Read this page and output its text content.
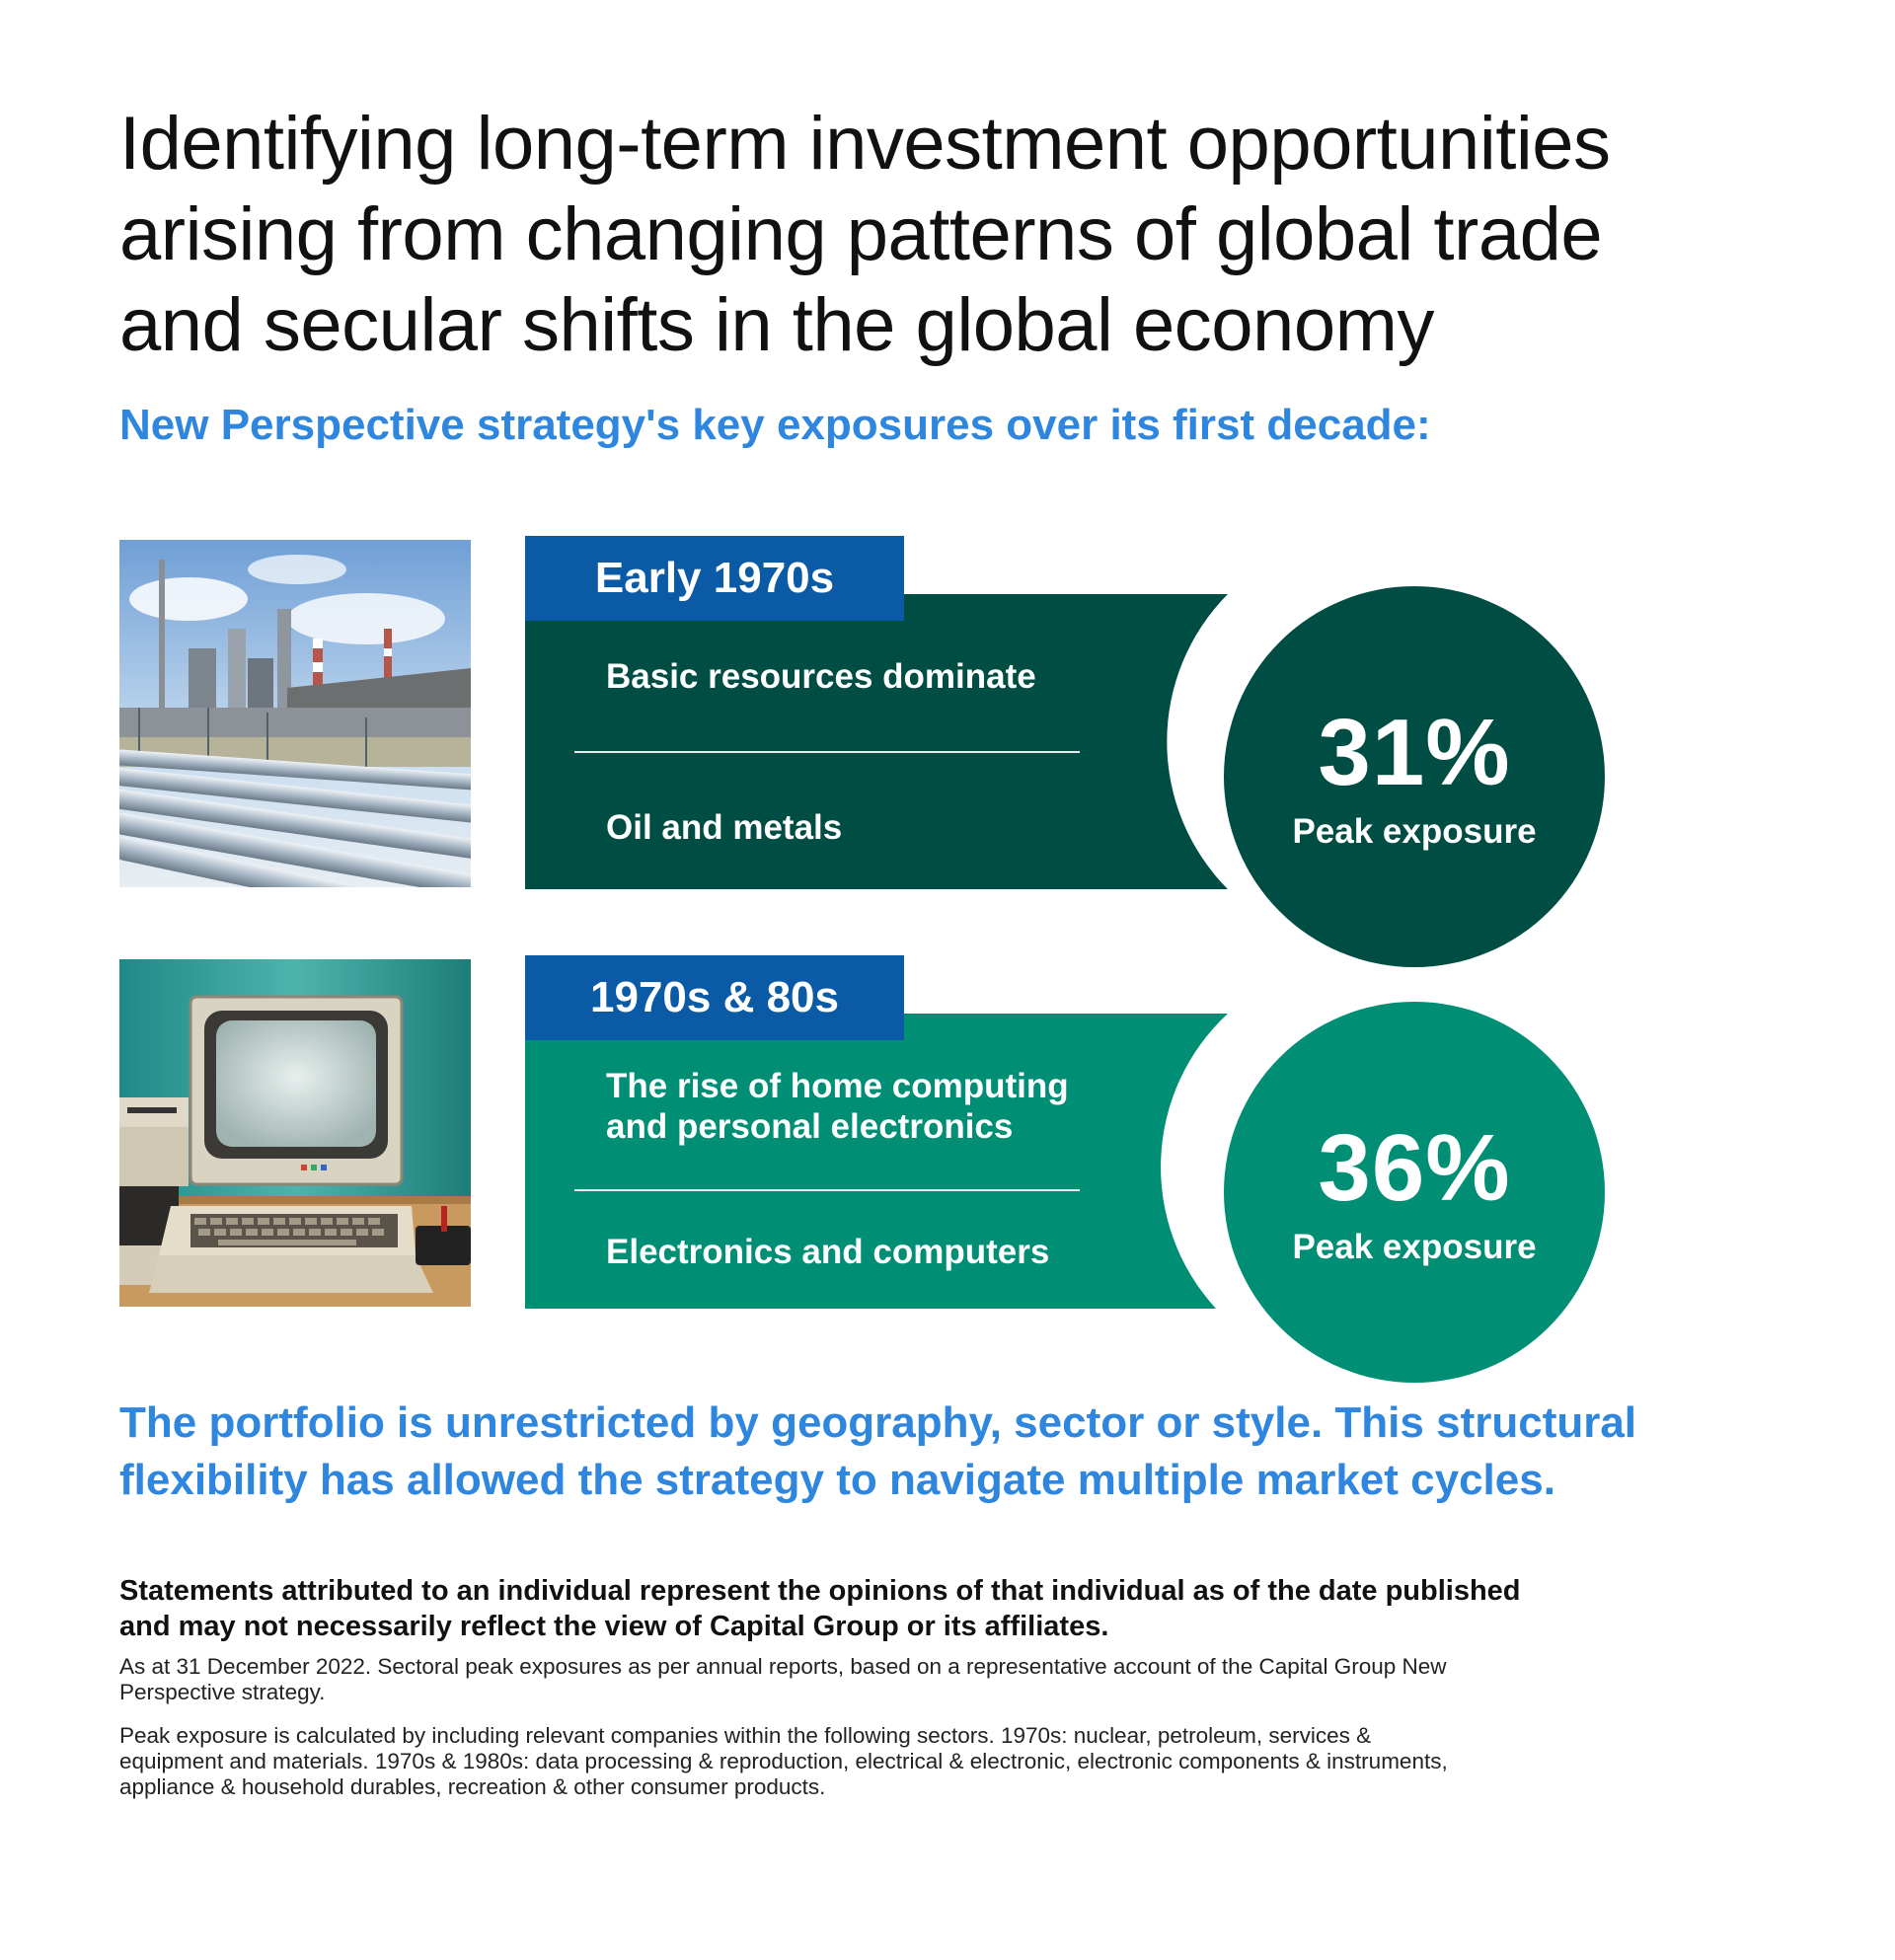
Identifying long-term investment opportunities
arising from changing patterns of global trade
and secular shifts in the global economy
New Perspective strategy's key exposures over its first decade:
Early 1970s
Basic resources dominate
Oil and metals
31%
Peak exposure
1970s & 80s
The rise of home computing
and personal electronics
Electronics and computers
36%
Peak exposure

The portfolio is unrestricted by geography, sector or style. This structural
flexibility has allowed the strategy to navigate multiple market cycles.

Statements attributed to an individual represent the opinions of that individual as of the date published
and may not necessarily reflect the view of Capital Group or its affiliates.

As at 31 December 2022. Sectoral peak exposures as per annual reports, based on a representative account of the Capital Group New
Perspective strategy.

Peak exposure is calculated by including relevant companies within the following sectors. 1970s: nuclear, petroleum, services &
equipment and materials. 1970s & 1980s: data processing & reproduction, electrical & electronic, electronic components & instruments,
appliance & household durables, recreation & other consumer products.
